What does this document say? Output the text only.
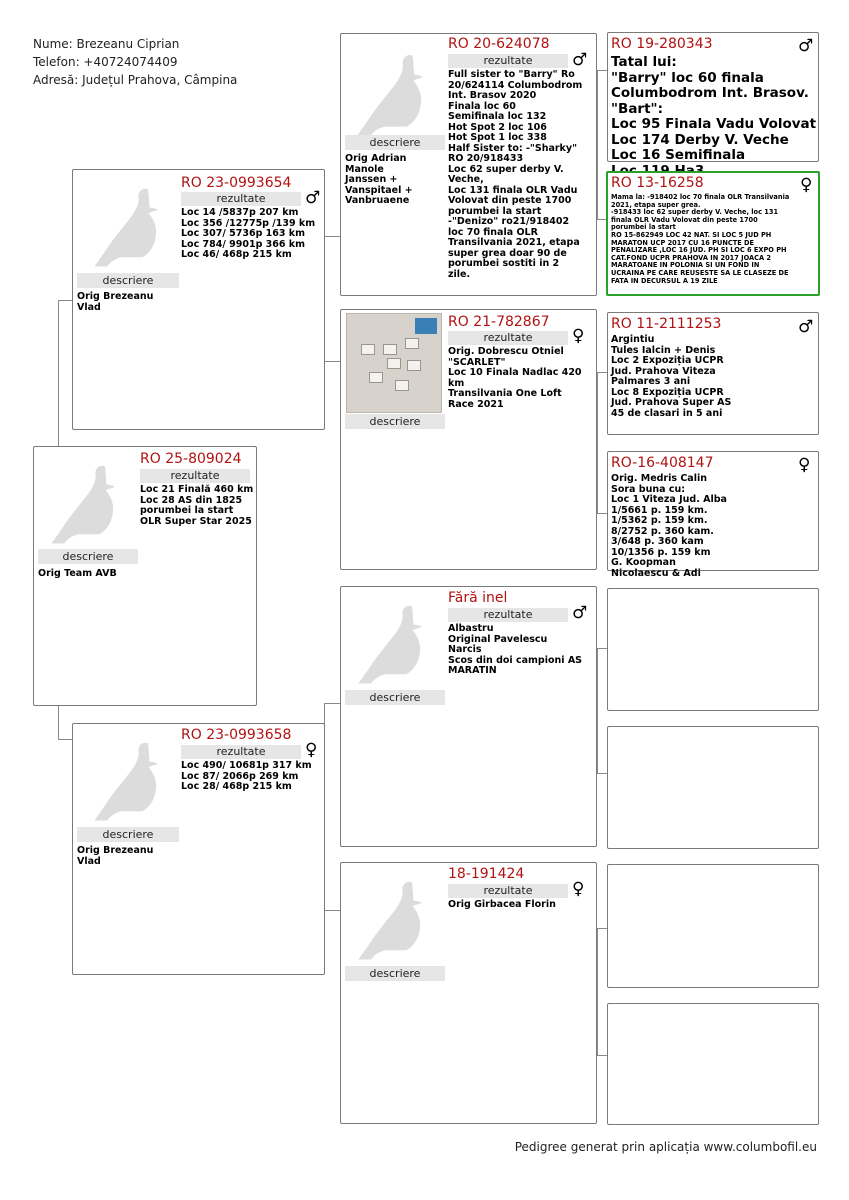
Nume: Brezeanu Ciprian
Telefon: +40724074409
Adresă: Județul Prahova, Câmpina
RO 25-809024
rezultate
Loc 21 Finală 460 km
Loc 28 AS din 1825
porumbei la start
OLR Super Star 2025
descriere
Orig Team AVB
RO 23-0993654
♂
rezultate
Loc 14 /5837p 207 km
Loc 356 /12775p /139 km
Loc 307/ 5736p 163 km
Loc 784/ 9901p 366 km
Loc 46/ 468p 215 km
descriere
Orig Brezeanu
Vlad
RO 23-0993658
♀
rezultate
Loc 490/ 10681p 317 km
Loc 87/ 2066p 269 km
Loc 28/ 468p 215 km
descriere
Orig Brezeanu
Vlad
RO 20-624078
♂
rezultate
Full sister to "Barry" Ro
20/624114 Columbodrom
Int. Brasov 2020
Finala loc 60
Semifinala loc 132
Hot Spot 2 loc 106
Hot Spot 1 loc 338
Half Sister to: -"Sharky"
RO 20/918433
Loc 62 super derby V.
Veche,
Loc 131 finala OLR Vadu
Volovat din peste 1700
porumbei la start
-"Denizo" ro21/918402
loc 70 finala OLR
Transilvania 2021, etapa
super grea doar 90 de
porumbei sostiti in 2
zile.
descriere
Orig Adrian
Manole
Janssen +
Vanspitael +
Vanbruaene
RO 21-782867
♀
rezultate
Orig. Dobrescu Otniel
"SCARLET"
Loc 10 Finala Nadlac 420
km
Transilvania One Loft
Race 2021
descriere
Fără inel
♂
rezultate
Albastru
Original Pavelescu
Narcis
Scos din doi campioni AS
MARATIN
descriere
18-191424
♀
rezultate
Orig Girbacea Florin
descriere
RO 19-280343	♂
Tatal lui:
"Barry" loc 60 finala
Columbodrom Int. Brasov.
"Bart":
Loc 95 Finala Vadu Volovat
Loc 174 Derby V. Veche
Loc 16 Semifinala

RO 13-16258	♀
Mama la: -918402 loc 70 finala OLR Transilvania
2021, etapa super grea.
-918433 loc 62 super derby V. Veche, loc 131
finala OLR Vadu Volovat din peste 1700
porumbei la start
RO 15-862949 LOC 42 NAT. SI LOC 5 JUD PH
MARATON UCP 2017 CU 16 PUNCTE DE
PENALIZARE ,LOC 16 JUD. PH SI LOC 6 EXPO PH
CAT.FOND UCPR PRAHOVA IN 2017 JOACA 2
MARATOANE IN POLONIA SI UN FOND IN
UCRAINA PE CARE REUSESTE SA LE CLASEZE DE
FATA IN DECURSUL A 19 ZILE
RO 11-2111253	♂
Argintiu
Tules Ialcin + Denis
Loc 2 Expoziția UCPR
Jud. Prahova Viteza
Palmares 3 ani
Loc 8 Expoziția UCPR
Jud. Prahova Super AS
45 de clasari in 5 ani
RO-16-408147	♀
Orig. Medris Calin
Sora buna cu:
Loc 1 Viteza Jud. Alba
1/5661 p. 159 km.
1/5362 p. 159 km.
8/2752 p. 360 kam.
3/648 p. 360 kam
10/1356 p. 159 km
G. Koopman
Nicolaescu & Adi
Pedigree generat prin aplicația www.columbofil.eu
